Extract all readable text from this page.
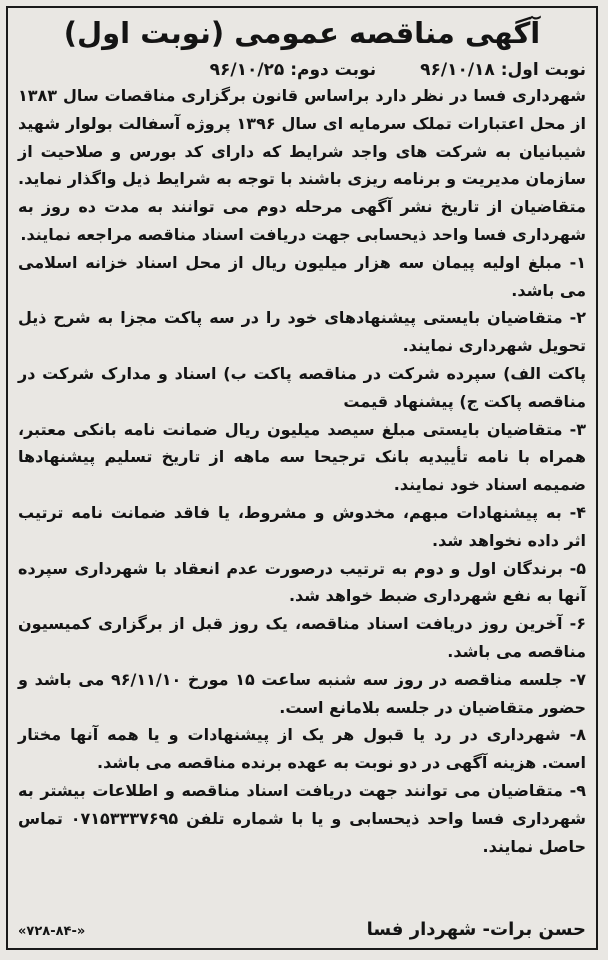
آگهی مناقصه عمومی (نوبت اول)
نوبت اول: ۹۶/۱۰/۱۸
نوبت دوم: ۹۶/۱۰/۲۵

شهرداری فسا در نظر دارد براساس قانون برگزاری مناقصات سال ۱۳۸۳ از محل اعتبارات تملک سرمایه ای سال ۱۳۹۶ پروژه آسفالت بولوار شهید شیبانیان به شرکت های واجد شرایط که دارای کد بورس و صلاحیت از سازمان مدیریت و برنامه ریزی باشند با توجه به شرایط ذیل واگذار نماید. متقاضیان از تاریخ نشر آگهی مرحله دوم می توانند به مدت ده روز به شهرداری فسا واحد ذیحسابی جهت دریافت اسناد مناقصه مراجعه نمایند.

۱- مبلغ اولیه پیمان سه هزار میلیون ریال از محل اسناد خزانه اسلامی می باشد.

۲- متقاضیان بایستی پیشنهادهای خود را در سه پاکت مجزا به شرح ذیل تحویل شهرداری نمایند.

پاکت الف) سپرده شرکت در مناقصه پاکت ب) اسناد و مدارک شرکت در مناقصه پاکت ج) پیشنهاد قیمت

۳- متقاضیان بایستی مبلغ سیصد میلیون ریال ضمانت نامه بانکی معتبر، همراه با نامه تأییدیه بانک ترجیحا سه ماهه از تاریخ تسلیم پیشنهادها ضمیمه اسناد خود نمایند.

۴- به پیشنهادات مبهم، مخدوش و مشروط، یا فاقد ضمانت نامه ترتیب اثر داده نخواهد شد.

۵- برندگان اول و دوم به ترتیب درصورت عدم انعقاد با شهرداری سپرده آنها به نفع شهرداری ضبط خواهد شد.

۶- آخرین روز دریافت اسناد مناقصه، یک روز قبل از برگزاری کمیسیون مناقصه می باشد.

۷- جلسه مناقصه در روز سه شنبه ساعت ۱۵ مورخ ۹۶/۱۱/۱۰ می باشد و حضور متقاضیان در جلسه بلامانع است.

۸- شهرداری در رد یا قبول هر یک از پیشنهادات و یا همه آنها مختار است. هزینه آگهی در دو نوبت به عهده برنده مناقصه می باشد.

۹- متقاضیان می توانند جهت دریافت اسناد مناقصه و اطلاعات بیشتر به شهرداری فسا واحد ذیحسابی و یا با شماره تلفن ۰۷۱۵۳۳۳۷۶۹۵ تماس حاصل نمایند.

حسن برات- شهردار فسا
«۷۲۸-۸۴-»
